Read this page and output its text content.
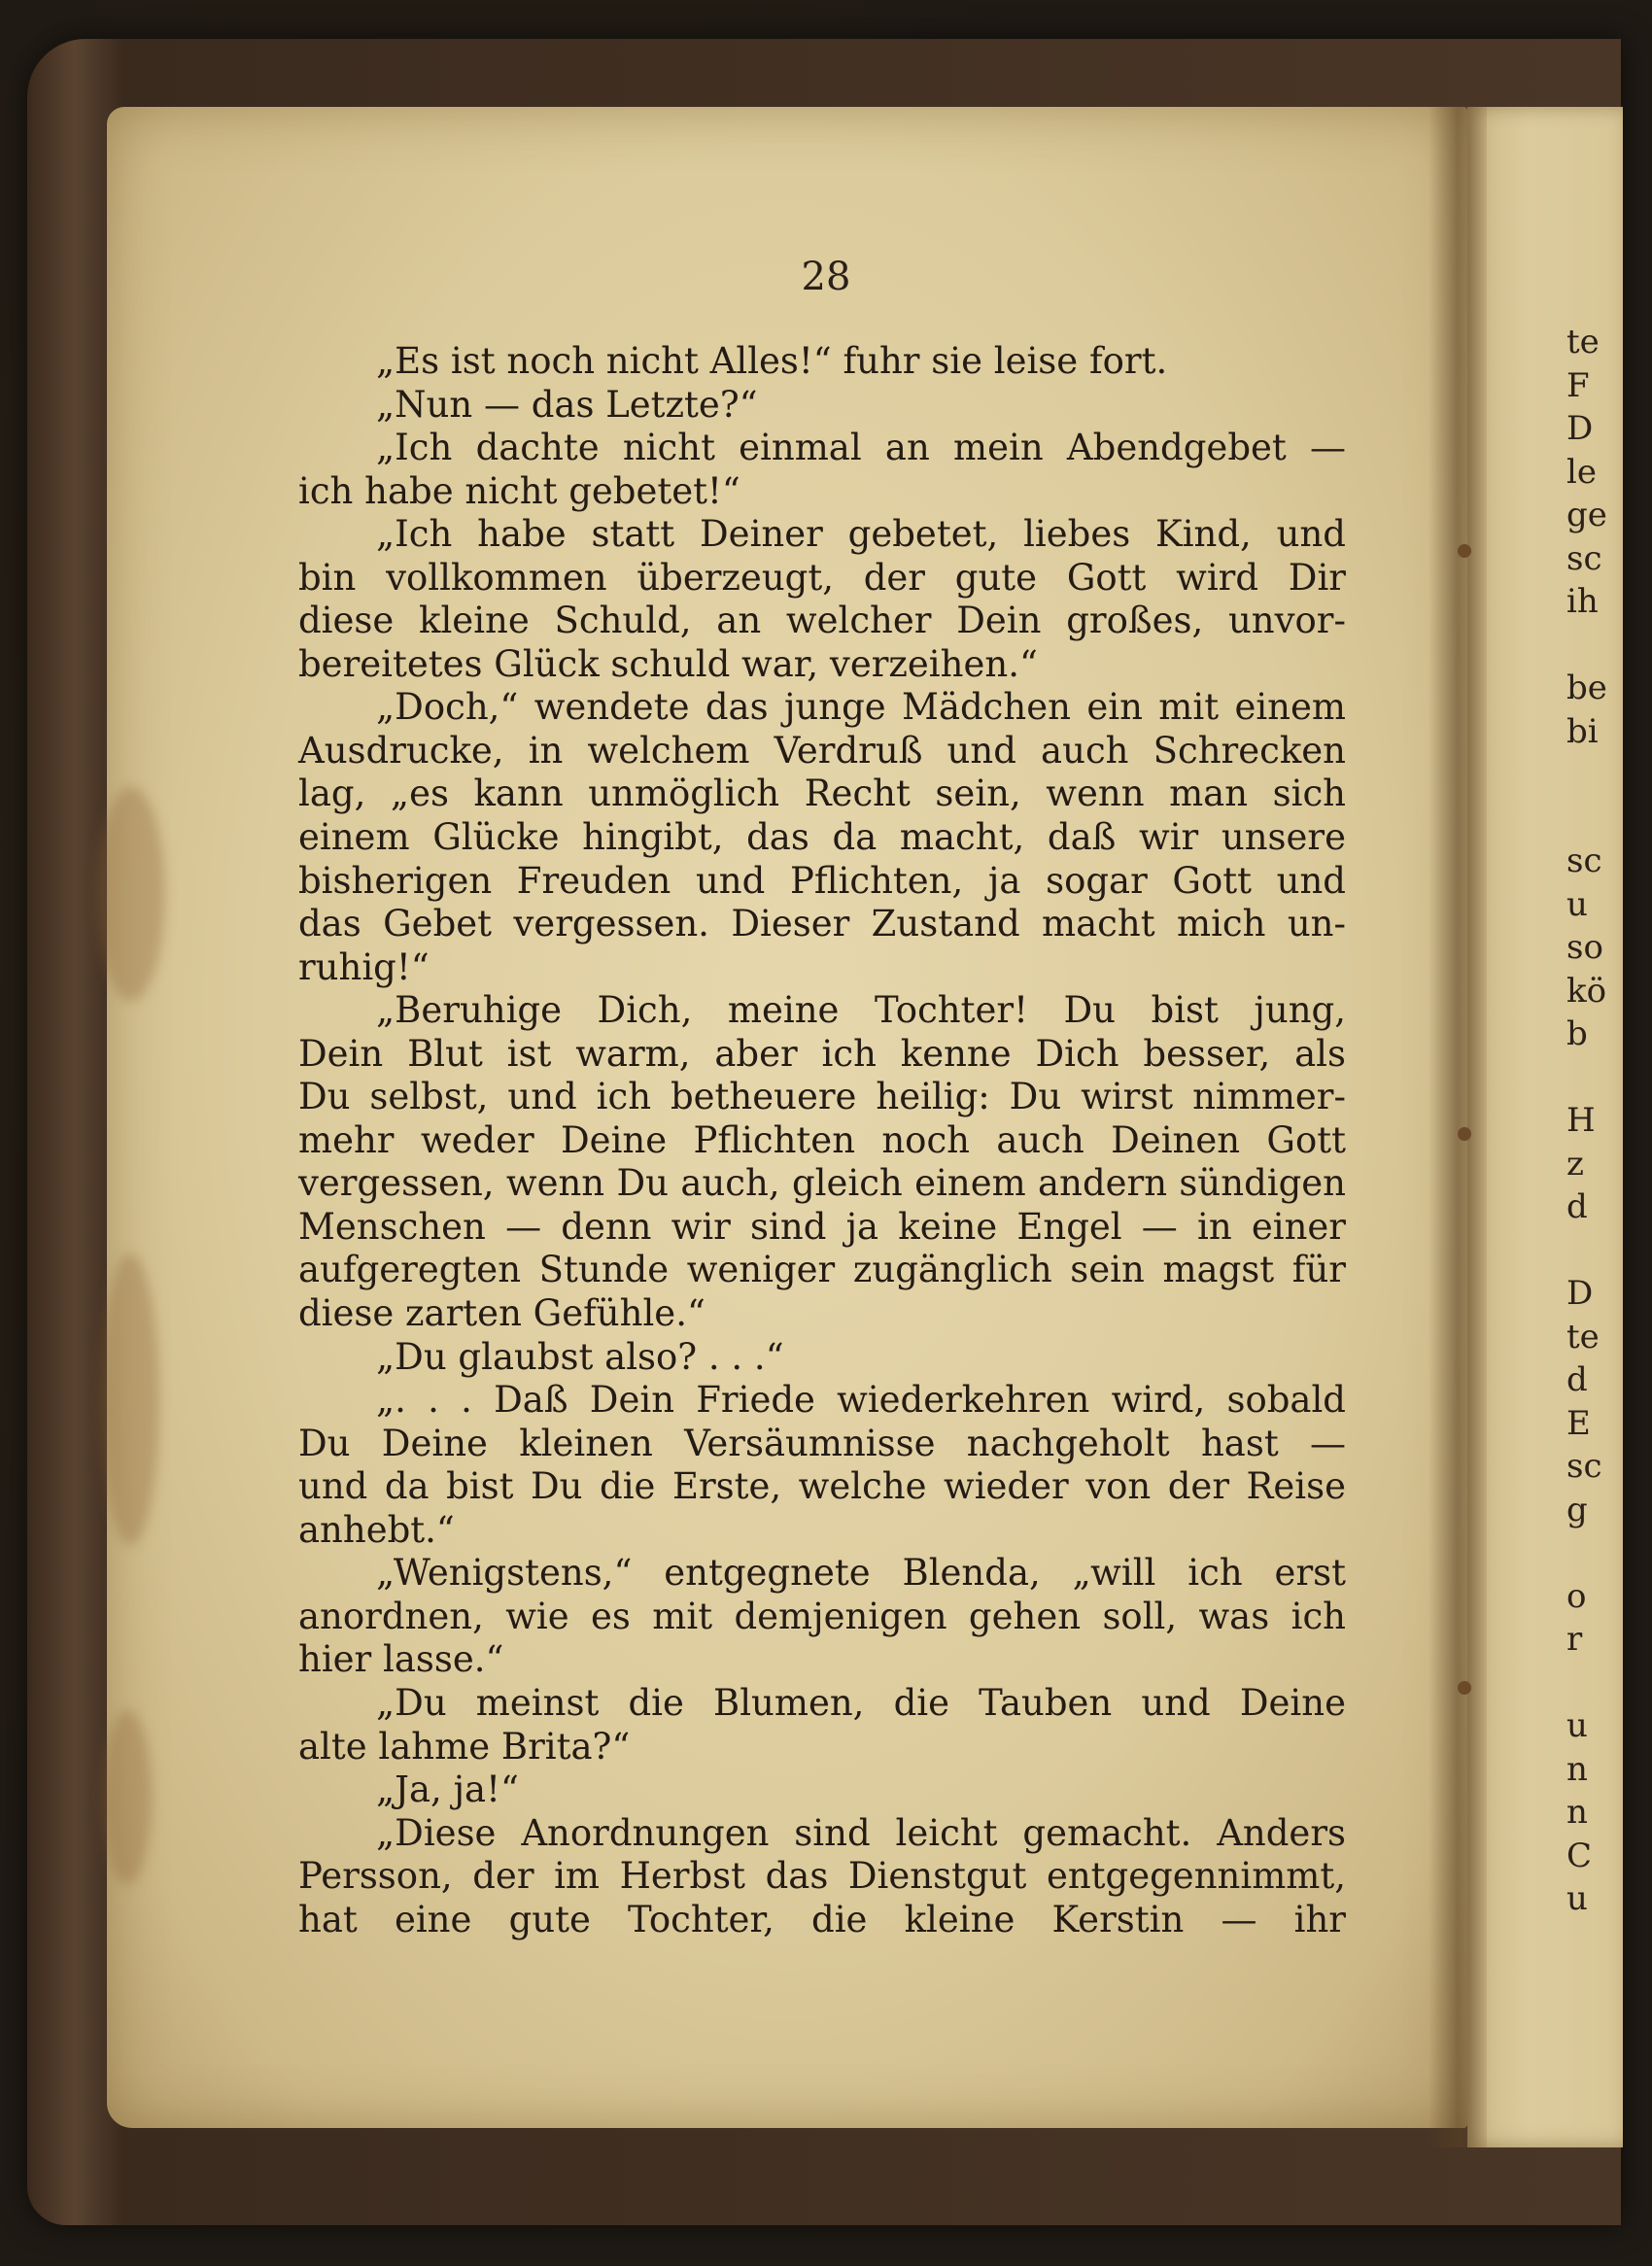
28
„Es ist noch nicht Alles!“ fuhr sie leise fort.
„Nun — das Letzte?“
„Ich dachte nicht einmal an mein Abendgebet —
ich habe nicht gebetet!“
„Ich habe statt Deiner gebetet, liebes Kind, und
bin vollkommen überzeugt, der gute Gott wird Dir
diese kleine Schuld, an welcher Dein großes, unvor-
bereitetes Glück schuld war, verzeihen.“
„Doch,“ wendete das junge Mädchen ein mit einem
Ausdrucke, in welchem Verdruß und auch Schrecken
lag, „es kann unmöglich Recht sein, wenn man sich
einem Glücke hingibt, das da macht, daß wir unsere
bisherigen Freuden und Pflichten, ja sogar Gott und
das Gebet vergessen. Dieser Zustand macht mich un-
ruhig!“
„Beruhige Dich, meine Tochter! Du bist jung,
Dein Blut ist warm, aber ich kenne Dich besser, als
Du selbst, und ich betheuere heilig: Du wirst nimmer-
mehr weder Deine Pflichten noch auch Deinen Gott
vergessen, wenn Du auch, gleich einem andern sündigen
Menschen — denn wir sind ja keine Engel — in einer
aufgeregten Stunde weniger zugänglich sein magst für
diese zarten Gefühle.“
„Du glaubst also? . . .“
„. . . Daß Dein Friede wiederkehren wird, sobald
Du Deine kleinen Versäumnisse nachgeholt hast —
und da bist Du die Erste, welche wieder von der Reise
anhebt.“
„Wenigstens,“ entgegnete Blenda, „will ich erst
anordnen, wie es mit demjenigen gehen soll, was ich
hier lasse.“
„Du meinst die Blumen, die Tauben und Deine
alte lahme Brita?“
„Ja, ja!“
„Diese Anordnungen sind leicht gemacht. Anders
Persson, der im Herbst das Dienstgut entgegennimmt,
hat eine gute Tochter, die kleine Kerstin — ihr
te
F
D
le
ge
sc
ih
be
bi
sc
u
so
kö
b
H
z
d
D
te
d
E
sc
g
o
r
u
n
n
C
u
